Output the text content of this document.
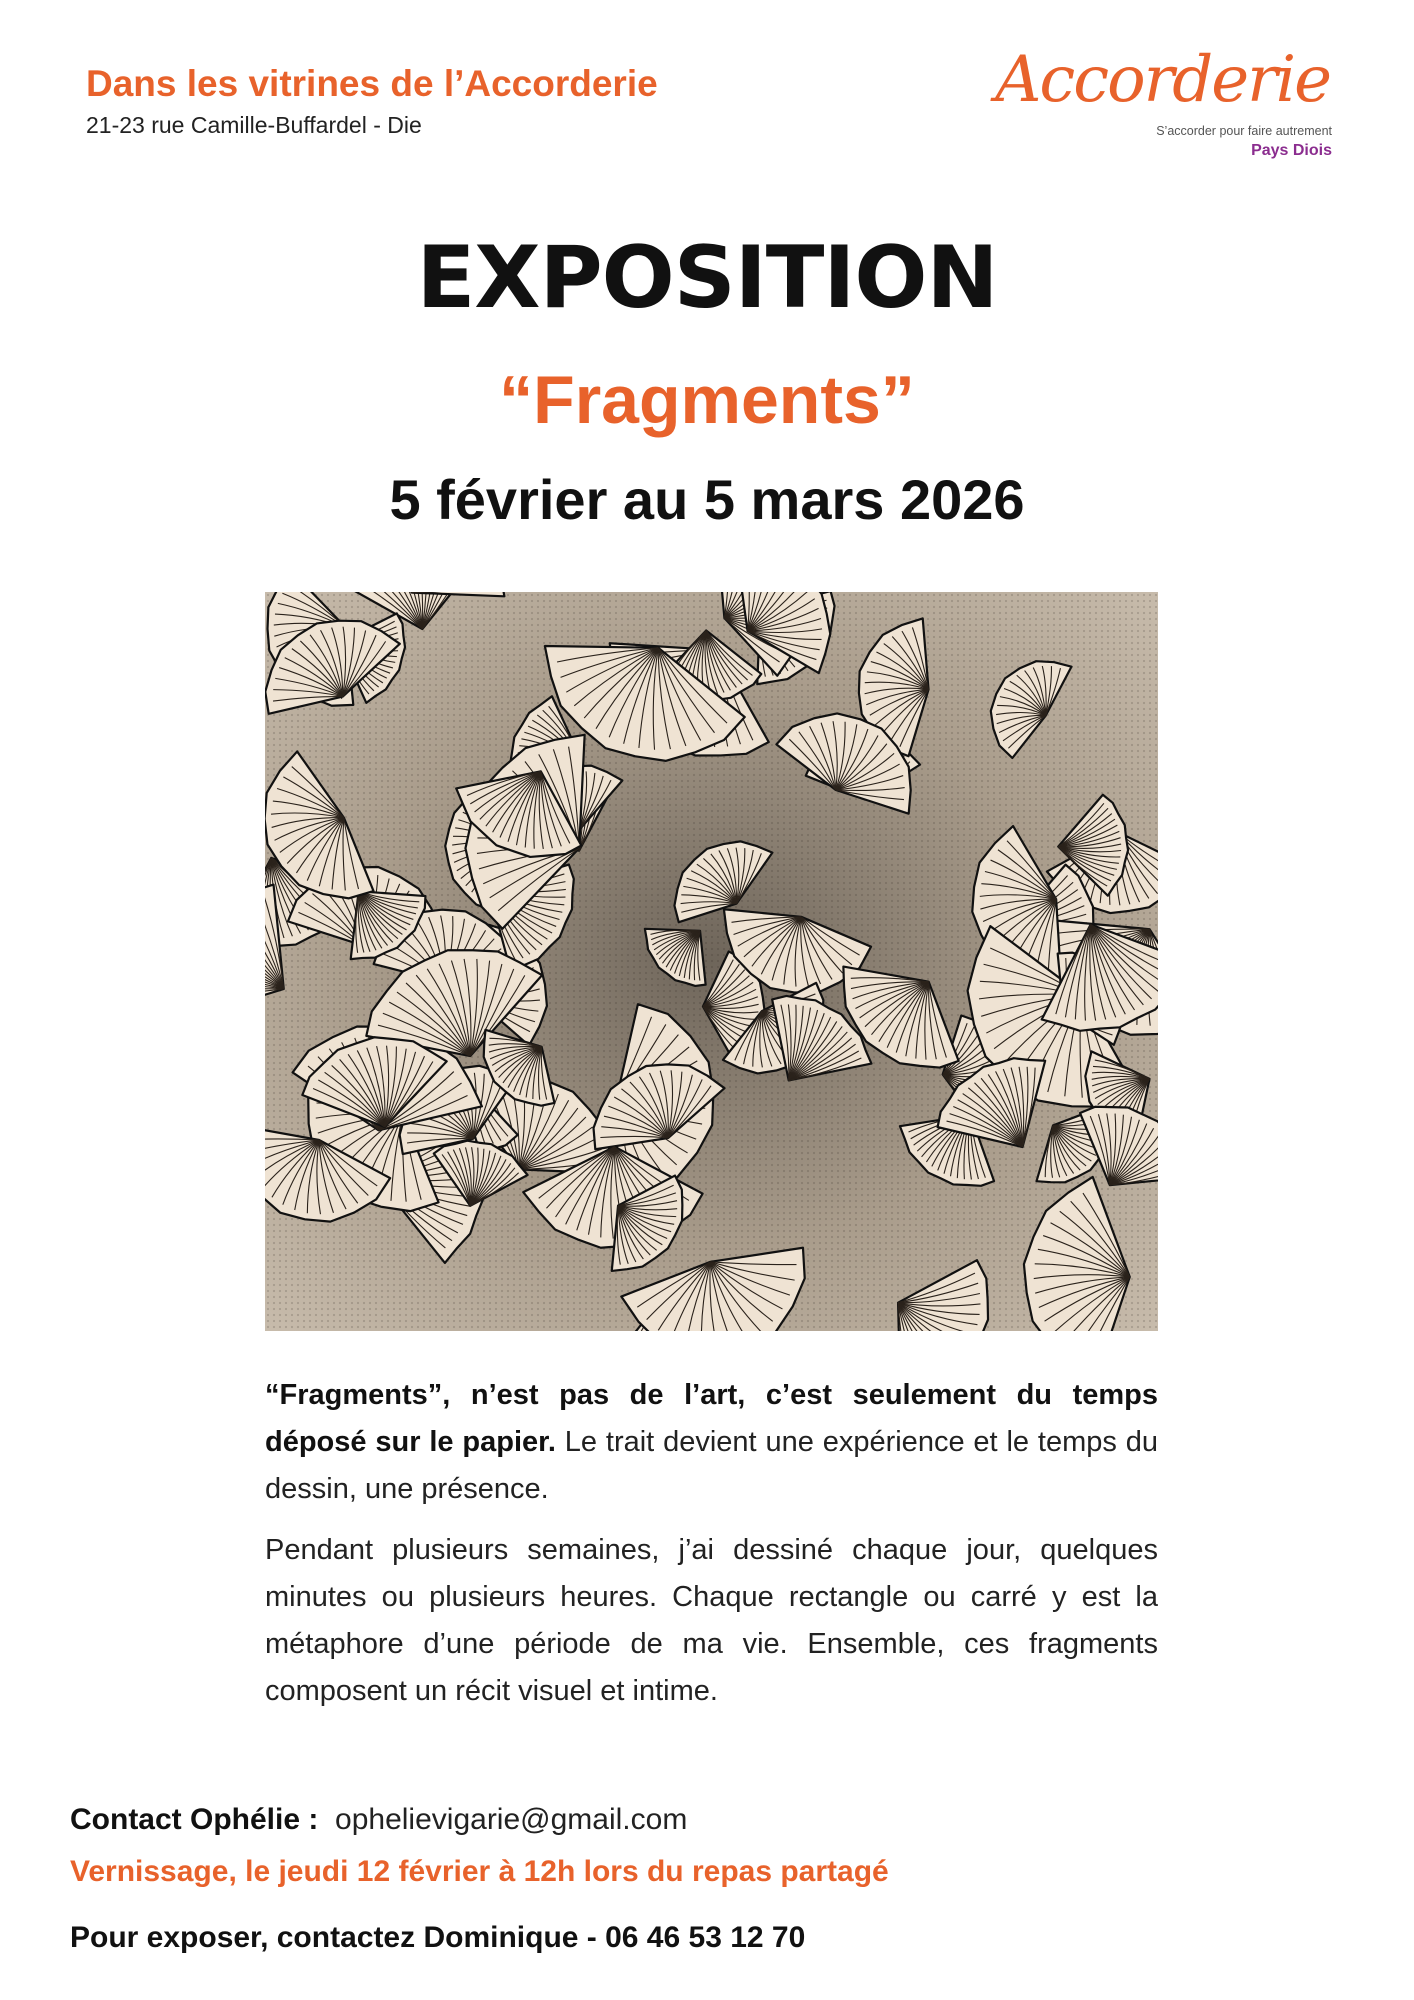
Dans les vitrines de l’Accorderie
21-23 rue Camille-Buffardel - Die
Accorderie
S’accorder pour faire autrement
Pays Diois
EXPOSITION
“Fragments”
5 février au 5 mars 2026

“Fragments”, n’est pas de l’art, c’est seulement du temps déposé sur le papier. Le trait devient une expérience et le temps du dessin, une présence.

Pendant plusieurs semaines, j’ai dessiné chaque jour, quelques minutes ou plusieurs heures. Chaque rectangle ou carré y est la métaphore d’une période de ma vie. Ensemble, ces fragments composent un récit visuel et intime.

Contact Ophélie : ophelievigarie@gmail.com
Vernissage, le jeudi 12 février à 12h lors du repas partagé
Pour exposer, contactez Dominique - 06 46 53 12 70
